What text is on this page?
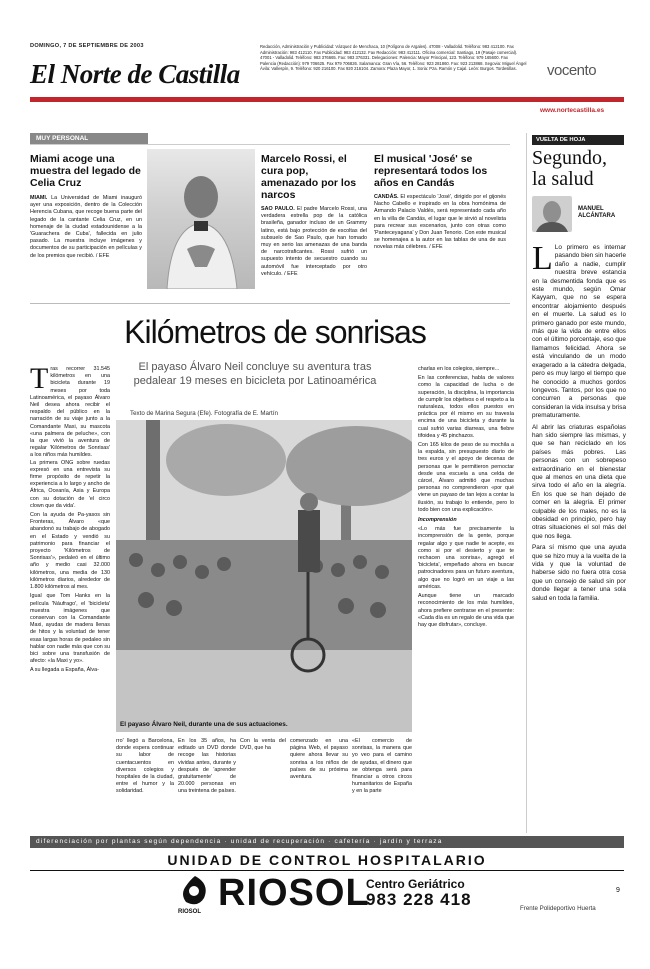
DOMINGO, 7 DE SEPTIEMBRE DE 2003
El Norte de Castilla
Redacción, Administración y Publicidad: Vázquez de Menchaca, 10 (Polígono de Argales). 47008 - Valladolid. Teléfono: 983 412100. Fax
Administración: 983 412110. Fax Publicidad: 983 412132. Fax Redacción: 983 412111. Oficina comercial: Santiago, 19 (Pasaje comercial).
47001 - Valladolid. Teléfono: 983 376665. Fax: 983 376331. Delegaciones: Palencia: Mayor Principal, 123. Teléfono: 979 165600. Fax
Palencia (Redacción): 979 706625. Fax 979 706826. Salamanca: Gran Vía, 56. Teléfono: 923 281860. Fax: 923 213868. Segovia: Miguel Ángel
Ávila: Vallespín, 9. Teléfono: 920 216100. Fax 920 216104. Zamora: Plaza Mayor, 1. Soria: Pza. Ramón y Cajal. León: Burgos. Tordesillas.	vocento
www.nortecastilla.es
MUY PERSONAL
Miami acoge una muestra del legado de Celia Cruz
MIAMI. La Universidad de Miami inauguró ayer una exposición, dentro de la Colección Herencia Cubana, que recoge buena parte del legado de la cantante Celia Cruz, en un homenaje de la ciudad estadounidense a la 'Guarachera de Cuba', fallecida en julio pasado. La muestra incluye imágenes y documentos de su participación en películas y de los premios que recibió. / EFE
Marcelo Rossi, el cura pop, amenazado por los narcos
SAO PAULO. El padre Marcelo Rossi, una verdadera estrella pop de la católica brasileña, ganador incluso de un Grammy latino, está bajo protección de escoltas del subsuelo de Sao Paulo, que han tomado muy en serio las amenazas de una banda de narcotraficantes. Rossi sufrió un supuesto intento de secuestro cuando su automóvil fue interceptado por otro vehículo. / EFE
El musical 'José' se representará todos los años en Candás
CANDÁS. El espectáculo 'José', dirigido por el gijonés Nacho Cabello e inspirado en la obra homónima de Armando Palacio Valdés, será representado cada año en la villa de Candás, el lugar que le sirvió al novelista para recrear sus escenarios, junto con otras como 'Panteceyagana' y Don Juan Tenorio. Con este musical se homenajea a la autor en las tablas de una de sus novelas más célebres. / EFE
VUELTA DE HOJA
Segundo, la salud
MANUEL ALCÁNTARA
L Lo primero es internar pasando bien sin hacerle daño a nadie, cumplir nuestra breve estancia en la desmentida fonda que es este mundo, según Omar Kayyam, que no se espera encontrar alojamiento después en el muerte. La salud es lo primero ganado por este mundo, más que la vida de entre ellos con el último porcentaje, eso que llamamos felicidad. Ahora se está vinculando de un modo exagerado a la cátedra delgada, pero es muy largo el tiempo que he conocido a muchos gordos longevos. Tantos, por los que no concurren a personas que consideran la vida insulsa y brisa prematuramente.

Al abrir las criaturas españolas han sido siempre las mismas, y que se han reciclado en los países más pobres. Las personas con un sobrepeso extraordinario en el bienestar que al menos en una dieta que sirva todo el año en la alegría. En los que se han dejado de comer en la alegría. El primer culpable de los males, no es la obesidad en principio, pero hay otras situaciones el sol más del que nos llega.

Para sí mismo que una ayuda que se hizo muy a la vuelta de la vida y que la voluntad de haberse sido no fuera otra cosa que un consejo de salud sin por donde llegar a tener una sola salud en toda la familia.

Kilómetros de sonrisas
El payaso Álvaro Neil concluye su aventura tras pedalear 19 meses en bicicleta por Latinoamérica
Texto de Marina Segura (Efe). Fotografía de E. Martín
Tras recorrer 31.545 kilómetros en una bicicleta durante 19 meses por toda Latinoamérica, el payaso Álvaro Neil desea ahora recibir el respaldo del público en la narración de su viaje junto a la Comandante Maxi, su mascota «una palmera de peluche», con la que vivió la aventura de regalar 'Kilómetros de Sonrisas' a los niños más humildes.

La primera ONG sobre ruedas expresó en una entrevista su firme propósito de repetir la experiencia a lo largo y ancho de África, Oceanía, Asia y Europa con su dotación de 'el circo clown que da vida'.

Con la ayuda de Pa-yasos sin Fronteras, Álvaro «que abandonó su trabajo de abogado en el Estado y vendió su patrimonio para financiar el proyecto 'Kilómetros de Sonrisas'», pedaleó en el último año y medio casi 32.000 kilómetros, una media de 130 kilómetros diarios, alrededor de 1.800 kilómetros al mes.

Igual que Tom Hanks en la película 'Náufrago', el 'bicicleta' muestra imágenes que conservan con la Comandante Maxi, ayudas de madera llenas de hitos y la voluntad de tener esas largas horas de pedaleo sin hablar con nadie más que con su bici sobre una transfusión de afecto: «la Maxi y yo».

A su llegada a España, Álva-

El payaso Álvaro Neil, durante una de sus actuaciones.

charlas en los colegios, siempre...

En las conferencias, habla de valores como la capacidad de lucha o de superación, la disciplina, la importancia de cumplir los objetivos o el respeto a la naturaleza, todos ellos puestos en práctica por él mismo en su travesía encima de una bicicleta y durante la cual sufrió varias diarreas, una fiebre tifoidea y 45 pinchazos.

Con 165 kilos de peso de su mochila a la espalda, sin presupuesto diario de tres euros y el apoyo de decenas de personas que le permitieron pernoctar desde una escuela a una celda de cárcel, Álvaro admitió que muchas personas no comprendieron «por qué viene un payaso de tan lejos a contar la ilusión, su trabajo lo entiende, pero lo todo bien con una explicación».

Incomprensión

«Lo más fue precisamente la incomprensión de la gente, porque regalar algo y que nadie te acepte, es como si por el desierto y que te rechacen una sonrisa», agregó el 'bicicleta', empeñado ahora en buscar patrocinadores para un futuro aventura, algo que no logró en un viaje a las américas.

Aunque tiene un marcado reconocimiento de los más humildes, ahora prefiere centrarse en el presente: «Cada día es un regalo de una vida que hay que disfrutar», concluye.

rro' llegó a Barcelona, donde espera continuar su labor de cuentacuentos en diversos colegios y hospitales de la ciudad, entre el humor y la solidaridad.

En los 35 años, ha editado un DVD donde recoge las historias vividas antes, durante y después de 'aprender gratuitamente' de 20.000 personas en una treintena de países.

Con la venta del DVD, que ha

comenzado en una página Web, el payaso quiere ahora llevar su sonrisa a los niños de países de su próxima aventura.

«El comercio de sonrisas, la manera que yo veo para el camino de ayudas, el dinero que se obtenga será para financiar a otros circos humanitarios de España y en la parte

diferenciación por plantas según dependencia · unidad de recuperación · cafetería · jardín y terraza
UNIDAD DE CONTROL HOSPITALARIO
RIOSOL RIOSOL
Centro Geriátrico
983 228 418	9
Frente Polideportivo Huerta
